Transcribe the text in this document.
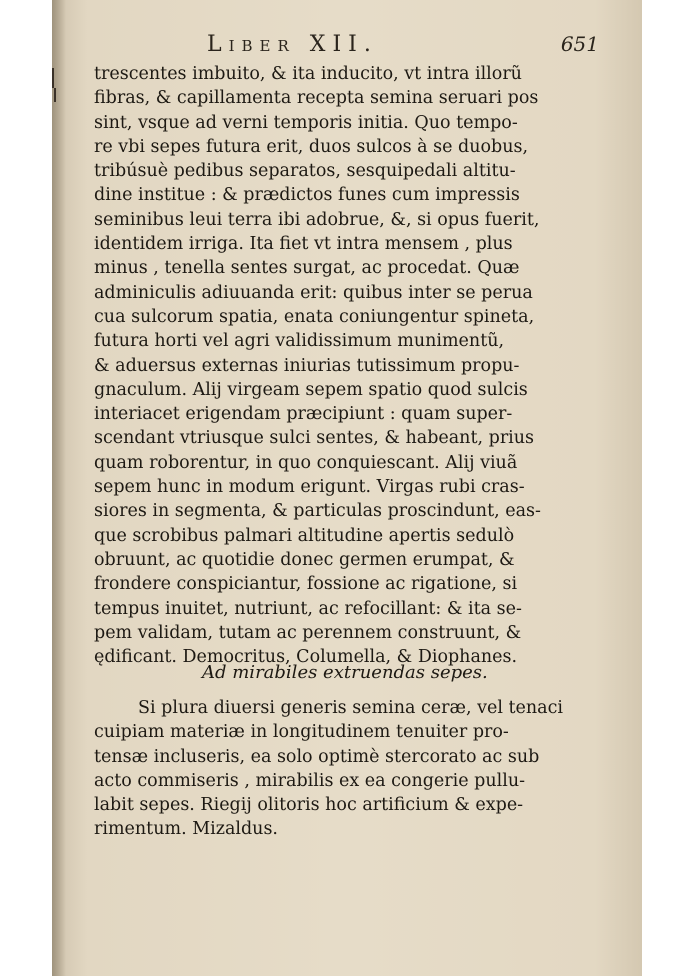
Liber XII.	651
trescentes imbuito, & ita inducito, vt intra illorũ
fibras, & capillamenta recepta semina seruari pos
sint, vsque ad verni temporis initia. Quo tempo-
re vbi sepes futura erit, duos sulcos à se duobus,
tribúsuè pedibus separatos, sesquipedali altitu-
dine institue : & prædictos funes cum impressis
seminibus leui terra ibi adobrue, &, si opus fuerit,
identidem irriga. Ita fiet vt intra mensem , plus
minus , tenella sentes surgat, ac procedat. Quæ
adminiculis adiuuanda erit: quibus inter se perua
cua sulcorum spatia, enata coniungentur spineta,
futura horti vel agri validissimum munimentũ,
& aduersus externas iniurias tutissimum propu-
gnaculum. Alij virgeam sepem spatio quod sulcis
interiacet erigendam præcipiunt : quam super-
scendant vtriusque sulci sentes, & habeant, prius
quam roborentur, in quo conquiescant. Alij viuã
sepem hunc in modum erigunt. Virgas rubi cras-
siores in segmenta, & particulas proscindunt, eas-
que scrobibus palmari altitudine apertis sedulò
obruunt, ac quotidie donec germen erumpat, &
frondere conspiciantur, fossione ac rigatione, si
tempus inuitet, nutriunt, ac refocillant: & ita se-
pem validam, tutam ac perennem construunt, &
ędificant. Democritus, Columella, & Diophanes.
Ad mirabiles extruendas sepes.
Si plura diuersi generis semina ceræ, vel tenaci
cuipiam materiæ in longitudinem tenuiter pro-
tensæ incluseris, ea solo optimè stercorato ac sub
acto commiseris , mirabilis ex ea congerie pullu-
labit sepes. Riegij olitoris hoc artificium & expe-
rimentum. Mizaldus.
